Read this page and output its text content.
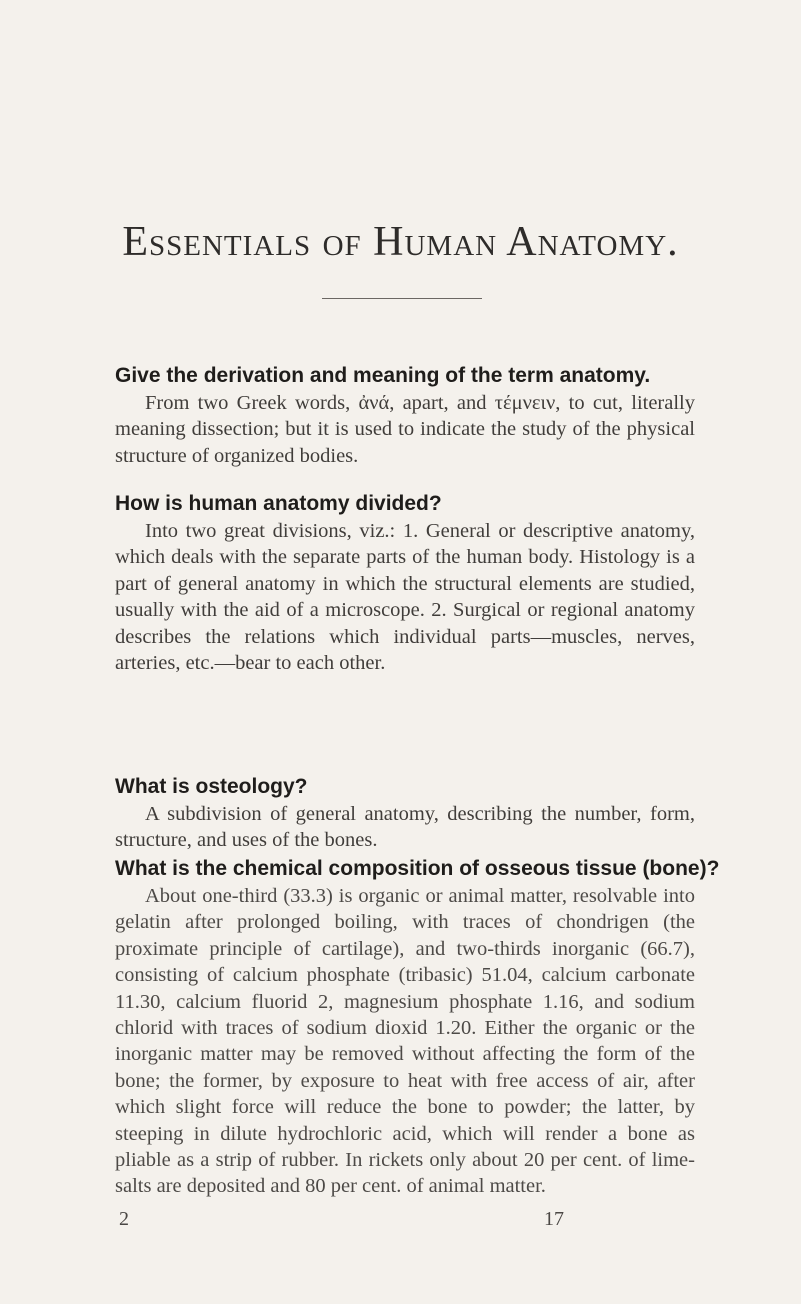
Essentials of Human Anatomy.

Give the derivation and meaning of the term anatomy.

From two Greek words, ἀνά, apart, and τέμνειν, to cut, literally meaning dissection; but it is used to indicate the study of the physical structure of organized bodies.

How is human anatomy divided?

Into two great divisions, viz.: 1. General or descriptive anatomy, which deals with the separate parts of the human body. Histology is a part of general anatomy in which the structural elements are studied, usually with the aid of a microscope. 2. Surgical or regional anatomy describes the relations which individual parts—muscles, nerves, arteries, etc.—bear to each other.

What is osteology?

A subdivision of general anatomy, describing the number, form, structure, and uses of the bones.

What is the chemical composition of osseous tissue (bone)?

About one-third (33.3) is organic or animal matter, resolvable into gelatin after prolonged boiling, with traces of chondrigen (the proximate principle of cartilage), and two-thirds inorganic (66.7), consisting of calcium phosphate (tribasic) 51.04, calcium carbonate 11.30, calcium fluorid 2, magnesium phosphate 1.16, and sodium chlorid with traces of sodium dioxid 1.20. Either the organic or the inorganic matter may be removed without affecting the form of the bone; the former, by exposure to heat with free access of air, after which slight force will reduce the bone to powder; the latter, by steeping in dilute hydrochloric acid, which will render a bone as pliable as a strip of rubber. In rickets only about 20 per cent. of lime-salts are deposited and 80 per cent. of animal matter.

2	17
